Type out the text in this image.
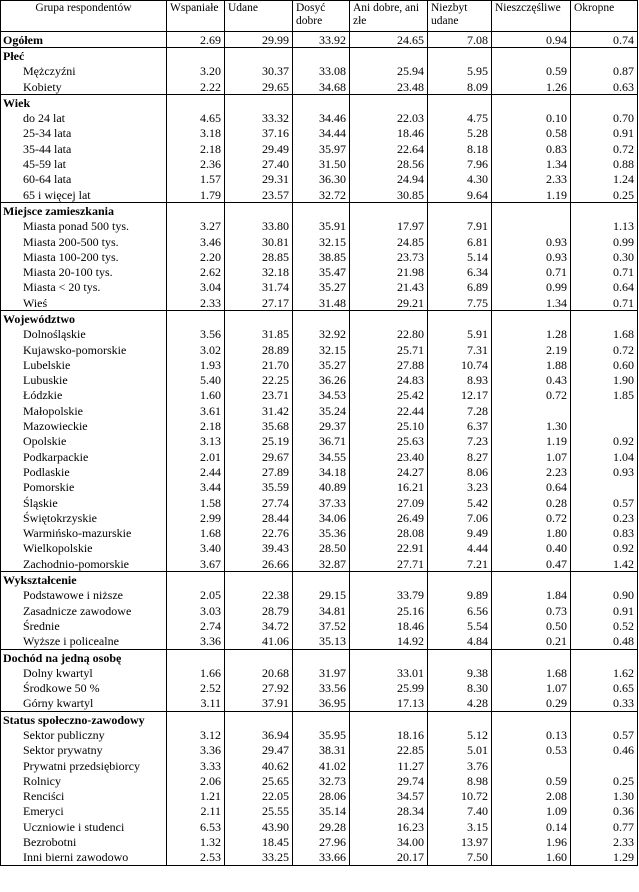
Grupa respondentów	Wspaniałe	Udane	Dosyć dobre	Ani dobre, ani złe	Niezbyt udane	Nieszczęśliwe	Okropne
Ogółem	2.69	29.99	33.92	24.65	7.08	0.94	0.74
Płeć							
Mężczyźni	3.20	30.37	33.08	25.94	5.95	0.59	0.87
Kobiety	2.22	29.65	34.68	23.48	8.09	1.26	0.63
Wiek							
do 24 lat	4.65	33.32	34.46	22.03	4.75	0.10	0.70
25-34 lata	3.18	37.16	34.44	18.46	5.28	0.58	0.91
35-44 lata	2.18	29.49	35.97	22.64	8.18	0.83	0.72
45-59 lat	2.36	27.40	31.50	28.56	7.96	1.34	0.88
60-64 lata	1.57	29.31	36.30	24.94	4.30	2.33	1.24
65 i więcej lat	1.79	23.57	32.72	30.85	9.64	1.19	0.25
Miejsce zamieszkania							
Miasta ponad 500 tys.	3.27	33.80	35.91	17.97	7.91		1.13
Miasta 200-500 tys.	3.46	30.81	32.15	24.85	6.81	0.93	0.99
Miasta 100-200 tys.	2.20	28.85	38.85	23.73	5.14	0.93	0.30
Miasta 20-100 tys.	2.62	32.18	35.47	21.98	6.34	0.71	0.71
Miasta < 20 tys.	3.04	31.74	35.27	21.43	6.89	0.99	0.64
Wieś	2.33	27.17	31.48	29.21	7.75	1.34	0.71
Województwo							
Dolnośląskie	3.56	31.85	32.92	22.80	5.91	1.28	1.68
Kujawsko-pomorskie	3.02	28.89	32.15	25.71	7.31	2.19	0.72
Lubelskie	1.93	21.70	35.27	27.88	10.74	1.88	0.60
Lubuskie	5.40	22.25	36.26	24.83	8.93	0.43	1.90
Łódzkie	1.60	23.71	34.53	25.42	12.17	0.72	1.85
Małopolskie	3.61	31.42	35.24	22.44	7.28		
Mazowieckie	2.18	35.68	29.37	25.10	6.37	1.30	
Opolskie	3.13	25.19	36.71	25.63	7.23	1.19	0.92
Podkarpackie	2.01	29.67	34.55	23.40	8.27	1.07	1.04
Podlaskie	2.44	27.89	34.18	24.27	8.06	2.23	0.93
Pomorskie	3.44	35.59	40.89	16.21	3.23	0.64	
Śląskie	1.58	27.74	37.33	27.09	5.42	0.28	0.57
Świętokrzyskie	2.99	28.44	34.06	26.49	7.06	0.72	0.23
Warmińsko-mazurskie	1.68	22.76	35.36	28.08	9.49	1.80	0.83
Wielkopolskie	3.40	39.43	28.50	22.91	4.44	0.40	0.92
Zachodnio-pomorskie	3.67	26.66	32.87	27.71	7.21	0.47	1.42
Wykształcenie							
Podstawowe i niższe	2.05	22.38	29.15	33.79	9.89	1.84	0.90
Zasadnicze zawodowe	3.03	28.79	34.81	25.16	6.56	0.73	0.91
Średnie	2.74	34.72	37.52	18.46	5.54	0.50	0.52
Wyższe i policealne	3.36	41.06	35.13	14.92	4.84	0.21	0.48
Dochód na jedną osobę							
Dolny kwartyl	1.66	20.68	31.97	33.01	9.38	1.68	1.62
Środkowe 50 %	2.52	27.92	33.56	25.99	8.30	1.07	0.65
Górny kwartyl	3.11	37.91	36.95	17.13	4.28	0.29	0.33
Status społeczno-zawodowy							
Sektor publiczny	3.12	36.94	35.95	18.16	5.12	0.13	0.57
Sektor prywatny	3.36	29.47	38.31	22.85	5.01	0.53	0.46
Prywatni przedsiębiorcy	3.33	40.62	41.02	11.27	3.76		
Rolnicy	2.06	25.65	32.73	29.74	8.98	0.59	0.25
Renciści	1.21	22.05	28.06	34.57	10.72	2.08	1.30
Emeryci	2.11	25.55	35.14	28.34	7.40	1.09	0.36
Uczniowie i studenci	6.53	43.90	29.28	16.23	3.15	0.14	0.77
Bezrobotni	1.32	18.45	27.96	34.00	13.97	1.96	2.33
Inni bierni zawodowo	2.53	33.25	33.66	20.17	7.50	1.60	1.29
